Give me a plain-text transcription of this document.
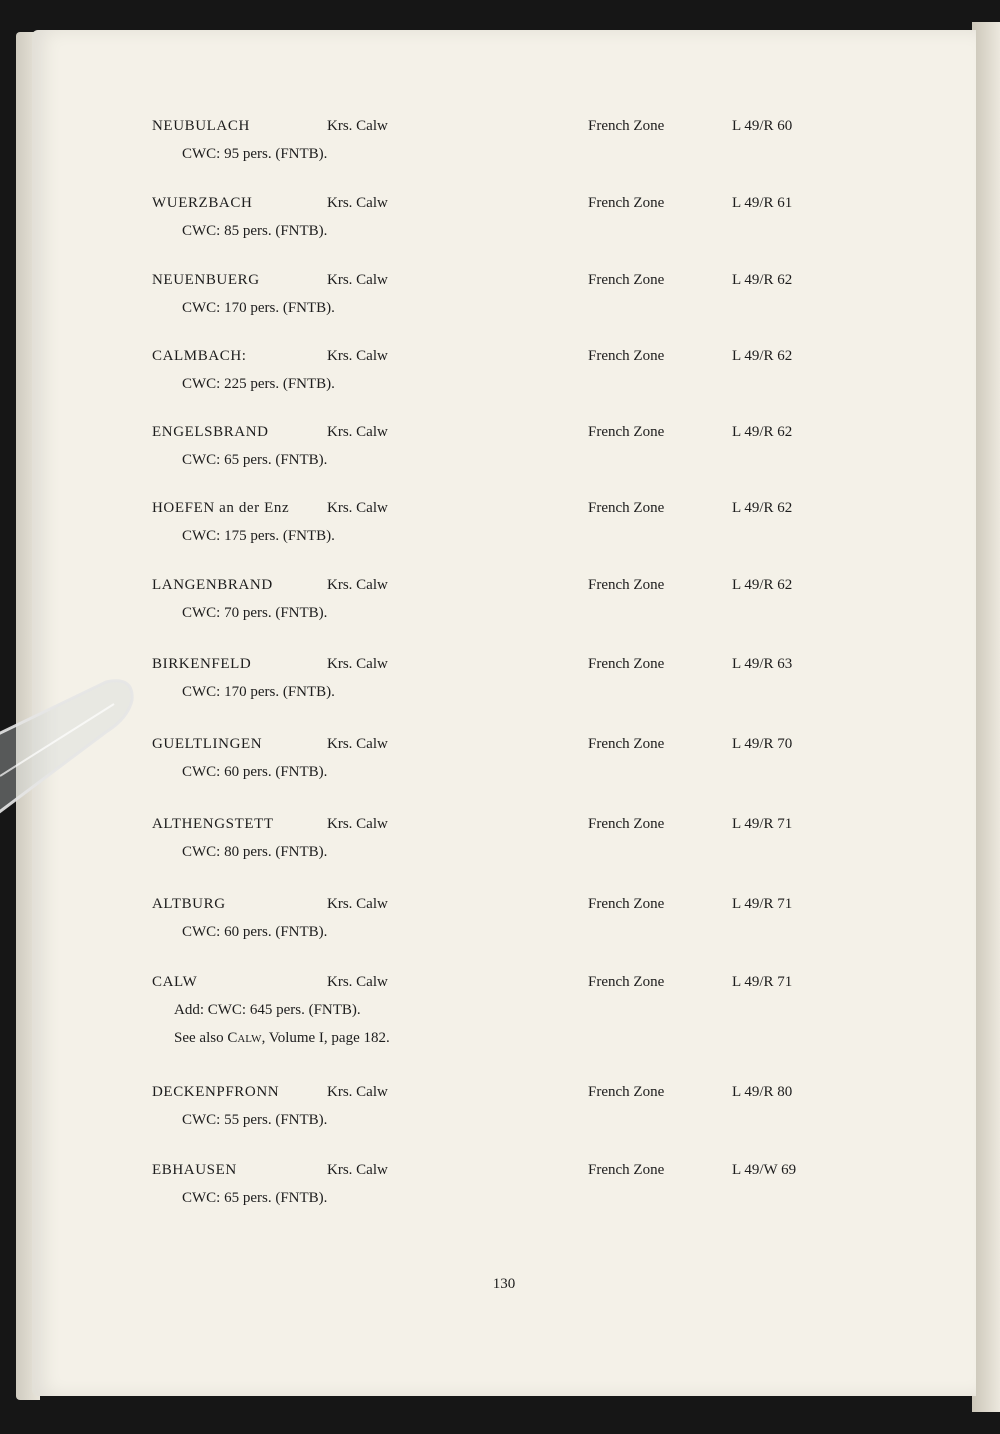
NEUBULACH	Krs. Calw	French Zone	L 49/R 60
CWC: 95 pers. (FNTB).
WUERZBACH	Krs. Calw	French Zone	L 49/R 61
CWC: 85 pers. (FNTB).
NEUENBUERG	Krs. Calw	French Zone	L 49/R 62
CWC: 170 pers. (FNTB).
CALMBACH:	Krs. Calw	French Zone	L 49/R 62
CWC: 225 pers. (FNTB).
ENGELSBRAND	Krs. Calw	French Zone	L 49/R 62
CWC: 65 pers. (FNTB).
HOEFEN an der Enz	Krs. Calw	French Zone	L 49/R 62
CWC: 175 pers. (FNTB).
LANGENBRAND	Krs. Calw	French Zone	L 49/R 62
CWC: 70 pers. (FNTB).
BIRKENFELD	Krs. Calw	French Zone	L 49/R 63
CWC: 170 pers. (FNTB).
GUELTLINGEN	Krs. Calw	French Zone	L 49/R 70
CWC: 60 pers. (FNTB).
ALTHENGSTETT	Krs. Calw	French Zone	L 49/R 71
CWC: 80 pers. (FNTB).
ALTBURG	Krs. Calw	French Zone	L 49/R 71
CWC: 60 pers. (FNTB).
CALW	Krs. Calw	French Zone	L 49/R 71
Add: CWC: 645 pers. (FNTB).
See also Calw, Volume I, page 182.
DECKENPFRONN	Krs. Calw	French Zone	L 49/R 80
CWC: 55 pers. (FNTB).
EBHAUSEN	Krs. Calw	French Zone	L 49/W 69
CWC: 65 pers. (FNTB).
130
